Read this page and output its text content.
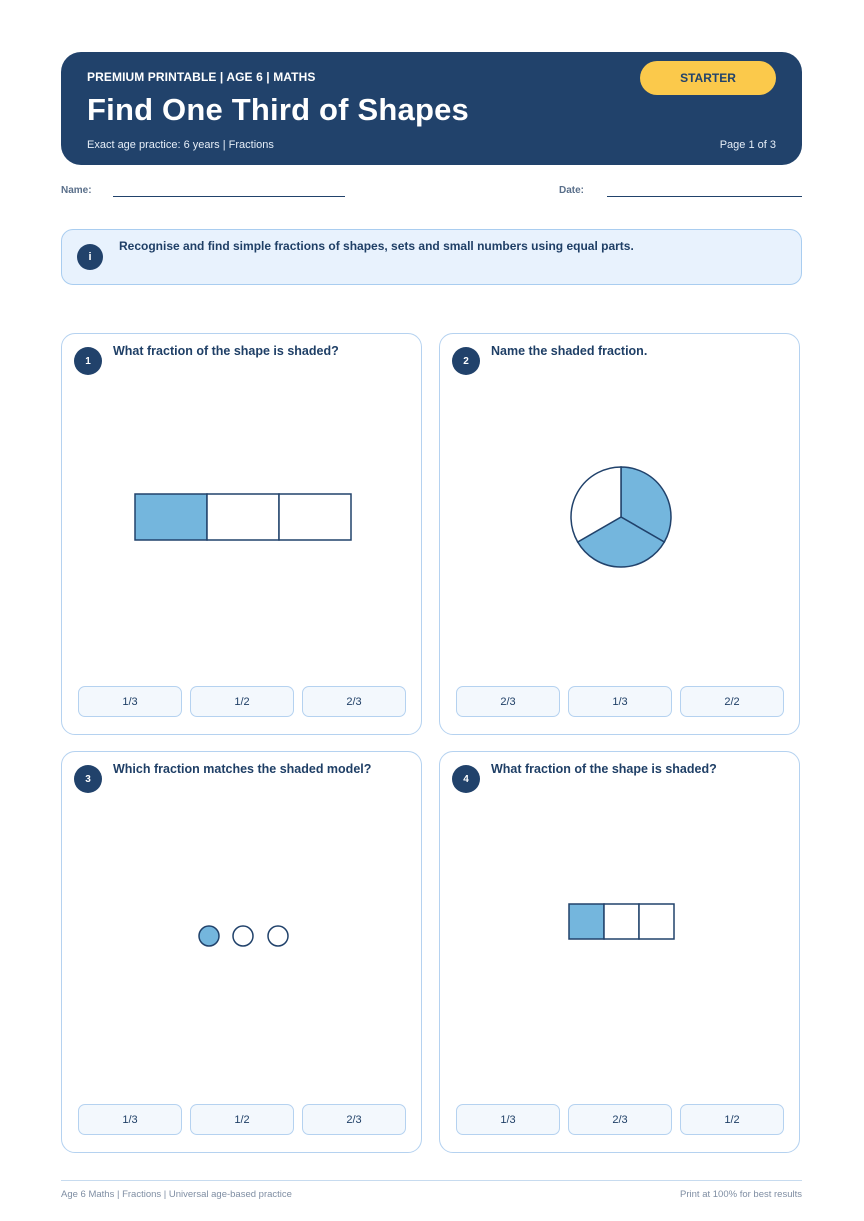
PREMIUM PRINTABLE | AGE 6 | MATHS
Find One Third of Shapes
Exact age practice: 6 years | Fractions	Page 1 of 3
STARTER
Name:	Date:
i
Recognise and find simple fractions of shapes, sets and small numbers using equal parts.
1
What fraction of the shape is shaded?
1/3	1/2	2/3
2
Name the shaded fraction.
2/3	1/3	2/2
3
Which fraction matches the shaded model?
1/3	1/2	2/3
4
What fraction of the shape is shaded?
1/3	2/3	1/2
Age 6 Maths | Fractions | Universal age-based practice	Print at 100% for best results
